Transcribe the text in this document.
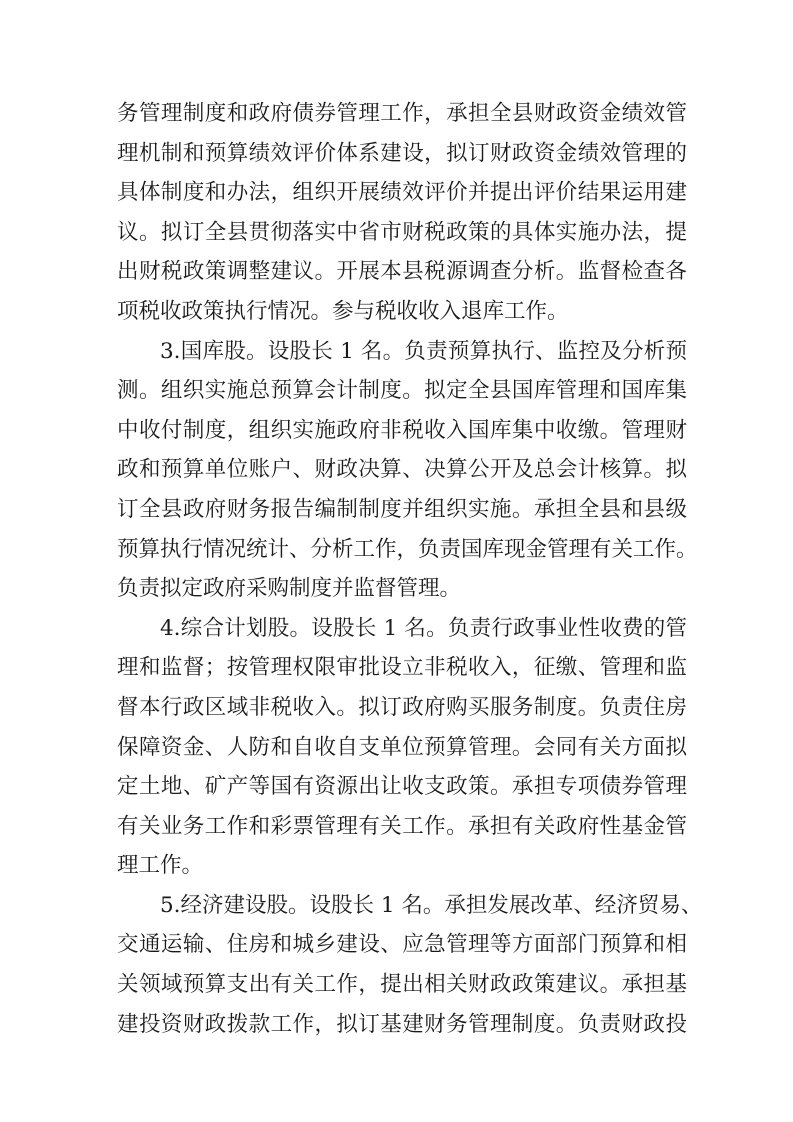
务管理制度和政府债券管理工作，承担全县财政资金绩效管
理机制和预算绩效评价体系建设，拟订财政资金绩效管理的
具体制度和办法，组织开展绩效评价并提出评价结果运用建
议。拟订全县贯彻落实中省市财税政策的具体实施办法，提
出财税政策调整建议。开展本县税源调查分析。监督检查各
项税收政策执行情况。参与税收收入退库工作。
3.国库股。设股长 1 名。负责预算执行、监控及分析预
测。组织实施总预算会计制度。拟定全县国库管理和国库集
中收付制度，组织实施政府非税收入国库集中收缴。管理财
政和预算单位账户、财政决算、决算公开及总会计核算。拟
订全县政府财务报告编制制度并组织实施。承担全县和县级
预算执行情况统计、分析工作，负责国库现金管理有关工作。
负责拟定政府采购制度并监督管理。
4.综合计划股。设股长 1 名。负责行政事业性收费的管
理和监督；按管理权限审批设立非税收入，征缴、管理和监
督本行政区域非税收入。拟订政府购买服务制度。负责住房
保障资金、人防和自收自支单位预算管理。会同有关方面拟
定土地、矿产等国有资源出让收支政策。承担专项债券管理
有关业务工作和彩票管理有关工作。承担有关政府性基金管
理工作。
5.经济建设股。设股长 1 名。承担发展改革、经济贸易、
交通运输、住房和城乡建设、应急管理等方面部门预算和相
关领域预算支出有关工作，提出相关财政政策建议。承担基
建投资财政拨款工作，拟订基建财务管理制度。负责财政投
